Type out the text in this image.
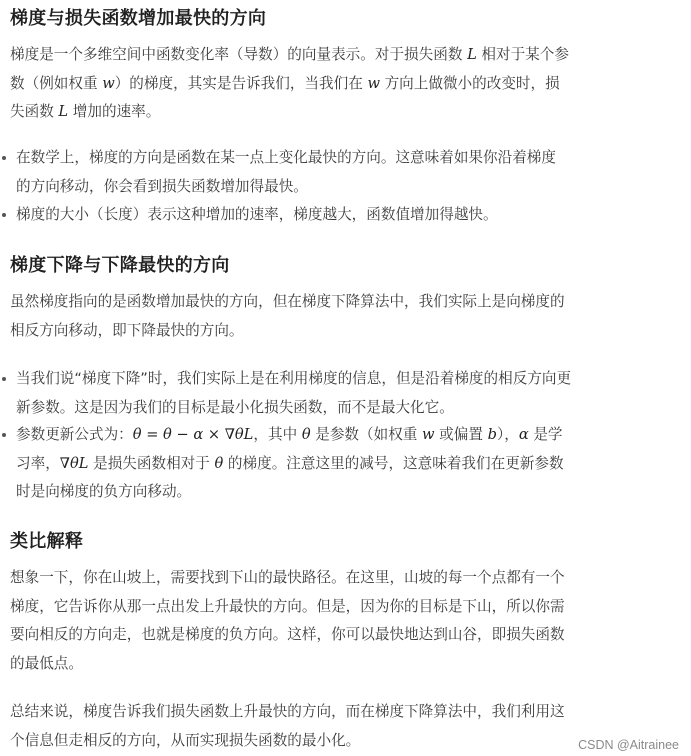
梯度与损失函数增加最快的方向

梯度是一个多维空间中函数变化率（导数）的向量表示。对于损失函数 L 相对于某个参
数（例如权重 w）的梯度，其实是告诉我们，当我们在 w 方向上做微小的改变时，损
失函数 L 增加的速率。

在数学上，梯度的方向是函数在某一点上变化最快的方向。这意味着如果你沿着梯度
的方向移动，你会看到损失函数增加得最快。
梯度的大小（长度）表示这种增加的速率，梯度越大，函数值增加得越快。
梯度下降与下降最快的方向

虽然梯度指向的是函数增加最快的方向，但在梯度下降算法中，我们实际上是向梯度的
相反方向移动，即下降最快的方向。

当我们说“梯度下降”时，我们实际上是在利用梯度的信息，但是沿着梯度的相反方向更
新参数。这是因为我们的目标是最小化损失函数，而不是最大化它。
参数更新公式为：θ = θ − α × ∇θL，其中 θ 是参数（如权重 w 或偏置 b），α 是学
习率，∇θL 是损失函数相对于 θ 的梯度。注意这里的减号，这意味着我们在更新参数
时是向梯度的负方向移动。
类比解释

想象一下，你在山坡上，需要找到下山的最快路径。在这里，山坡的每一个点都有一个
梯度，它告诉你从那一点出发上升最快的方向。但是，因为你的目标是下山，所以你需
要向相反的方向走，也就是梯度的负方向。这样，你可以最快地达到山谷，即损失函数
的最低点。

总结来说，梯度告诉我们损失函数上升最快的方向，而在梯度下降算法中，我们利用这
个信息但走相反的方向，从而实现损失函数的最小化。	CSDN @Aitrainee
